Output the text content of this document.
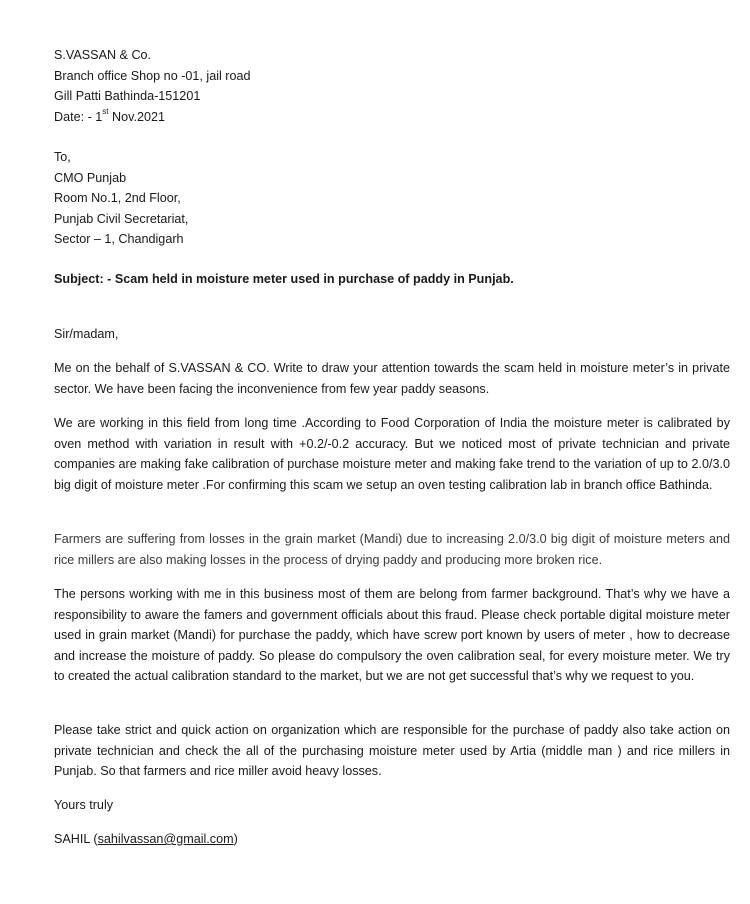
S.VASSAN & Co.
Branch office Shop no -01, jail road
Gill Patti Bathinda-151201
Date: - 1st Nov.2021
To,
CMO Punjab
Room No.1, 2nd Floor,
Punjab Civil Secretariat,
Sector – 1, Chandigarh
Subject: - Scam held in moisture meter used in purchase of paddy in Punjab.
Sir/madam,

Me on the behalf of S.VASSAN & CO. Write to draw your attention towards the scam held in moisture meter’s in private sector. We have been facing the inconvenience from few year paddy seasons.

We are working in this field from long time .According to Food Corporation of India the moisture meter is calibrated by oven method with variation in result with +0.2/-0.2 accuracy. But we noticed most of private technician and private companies are making fake calibration of purchase moisture meter and making fake trend to the variation of up to 2.0/3.0 big digit of moisture meter .For confirming this scam we setup an oven testing calibration lab in branch office Bathinda.

Farmers are suffering from losses in the grain market (Mandi) due to increasing 2.0/3.0 big digit of moisture meters and rice millers are also making losses in the process of drying paddy and producing more broken rice.

The persons working with me in this business most of them are belong from farmer background. That’s why we have a responsibility to aware the famers and government officials about this fraud. Please check portable digital moisture meter used in grain market (Mandi) for purchase the paddy, which have screw port known by users of meter , how to decrease and increase the moisture of paddy. So please do compulsory the oven calibration seal, for every moisture meter. We try to created the actual calibration standard to the market, but we are not get successful that’s why we request to you.

Please take strict and quick action on organization which are responsible for the purchase of paddy also take action on private technician and check the all of the purchasing moisture meter used by Artia (middle man ) and rice millers in Punjab. So that farmers and rice miller avoid heavy losses.

Yours truly
SAHIL (sahilvassan@gmail.com)
